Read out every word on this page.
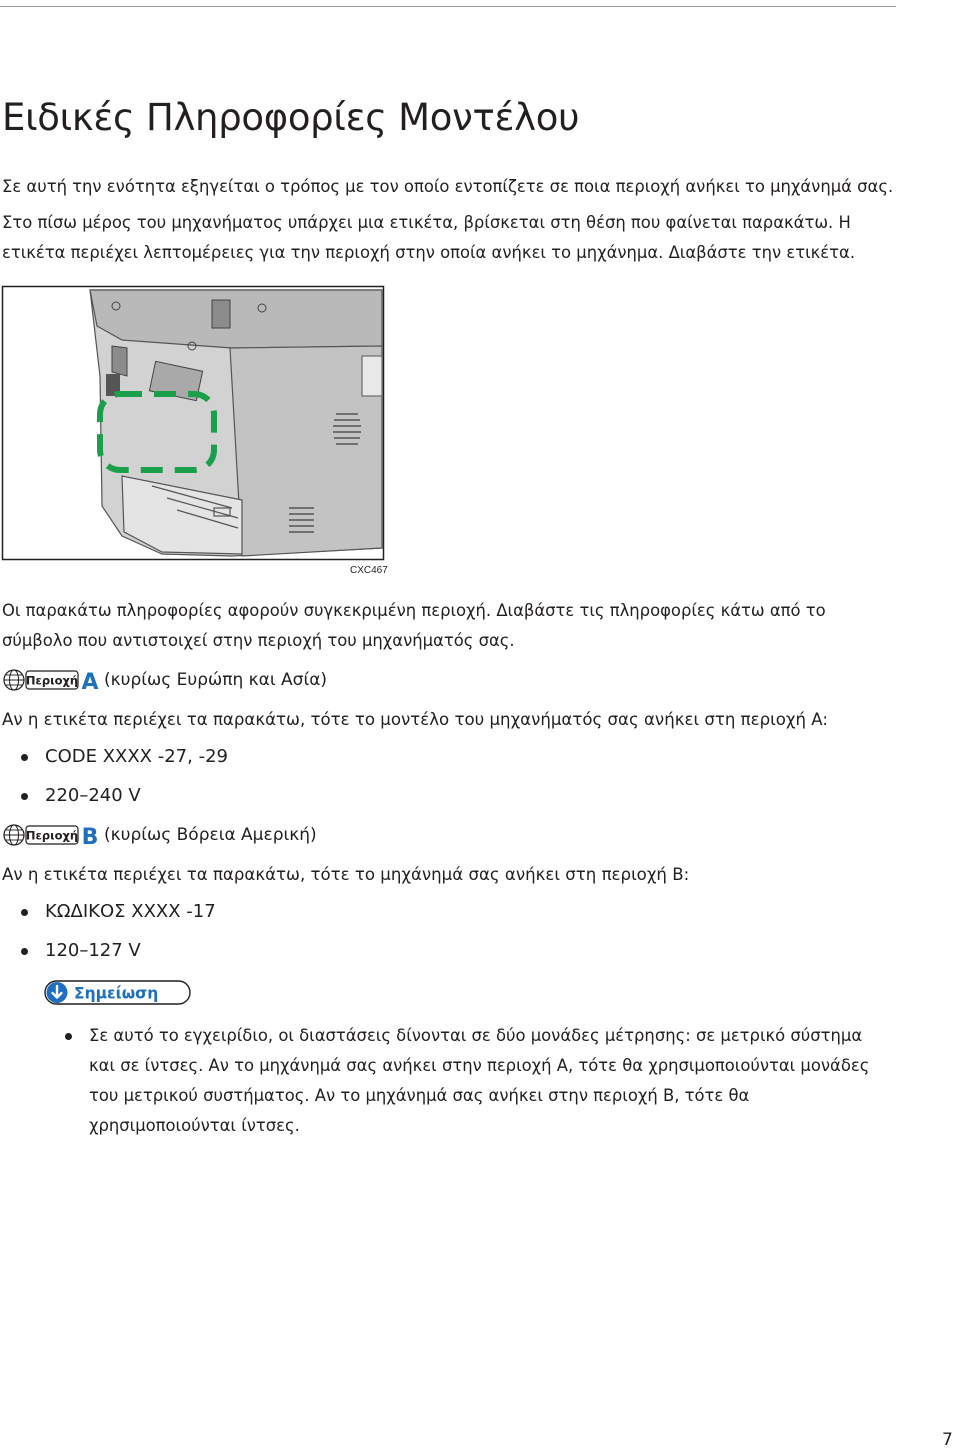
Ειδικές Πληροφορίες Μοντέλου

Σε αυτή την ενότητα εξηγείται ο τρόπος με τον οποίο εντοπίζετε σε ποια περιοχή ανήκει το μηχάνημά σας.

Στο πίσω μέρος του μηχανήματος υπάρχει μια ετικέτα, βρίσκεται στη θέση που φαίνεται παρακάτω. Η
ετικέτα περιέχει λεπτομέρειες για την περιοχή στην οποία ανήκει το μηχάνημα. Διαβάστε την ετικέτα.
CXC467
Οι παρακάτω πληροφορίες αφορούν συγκεκριμένη περιοχή. Διαβάστε τις πληροφορίες κάτω από το
σύμβολο που αντιστοιχεί στην περιοχή του μηχανήματός σας.
Περιοχή A (κυρίως Ευρώπη και Ασία)

Αν η ετικέτα περιέχει τα παρακάτω, τότε το μοντέλο του μηχανήματός σας ανήκει στη περιοχή A:

CODE XXXX -27, -29
220–240 V
Περιοχή B (κυρίως Βόρεια Αμερική)

Αν η ετικέτα περιέχει τα παρακάτω, τότε το μηχάνημά σας ανήκει στη περιοχή B:

ΚΩΔΙΚΟΣ XXXX -17
120–127 V
Σημείωση
Σε αυτό το εγχειρίδιο, οι διαστάσεις δίνονται σε δύο μονάδες μέτρησης: σε μετρικό σύστημα
και σε ίντσες. Αν το μηχάνημά σας ανήκει στην περιοχή A, τότε θα χρησιμοποιούνται μονάδες
του μετρικού συστήματος. Αν το μηχάνημά σας ανήκει στην περιοχή B, τότε θα
χρησιμοποιούνται ίντσες.
7
